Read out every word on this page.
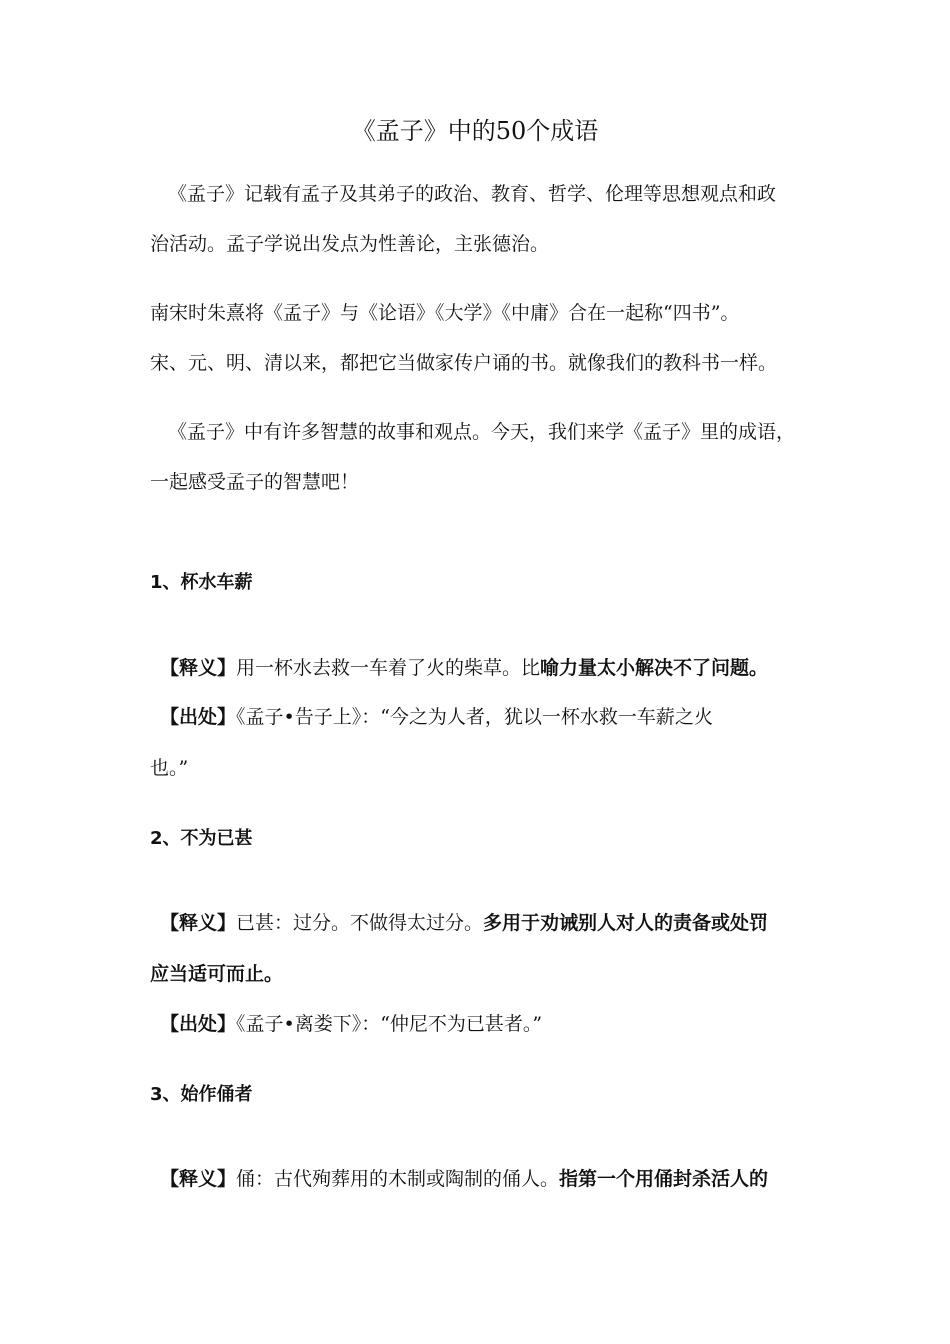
《孟子》中的50个成语
《孟子》记载有孟子及其弟子的政治、教育、哲学、伦理等思想观点和政
治活动。孟子学说出发点为性善论，主张德治。
南宋时朱熹将《孟子》与《论语》《大学》《中庸》合在一起称“四书”。
宋、元、明、清以来，都把它当做家传户诵的书。就像我们的教科书一样。
《孟子》中有许多智慧的故事和观点。今天，我们来学《孟子》里的成语，
一起感受孟子的智慧吧！
1、杯水车薪
【释义】用一杯水去救一车着了火的柴草。比喻力量太小解决不了问题。
【出处】《孟子•告子上》：“今之为人者，犹以一杯水救一车薪之火
也。”
2、不为已甚
【释义】已甚：过分。不做得太过分。多用于劝诫别人对人的责备或处罚
应当适可而止。
【出处】《孟子•离娄下》：“仲尼不为已甚者。”
3、始作俑者
【释义】俑：古代殉葬用的木制或陶制的俑人。指第一个用俑封杀活人的
